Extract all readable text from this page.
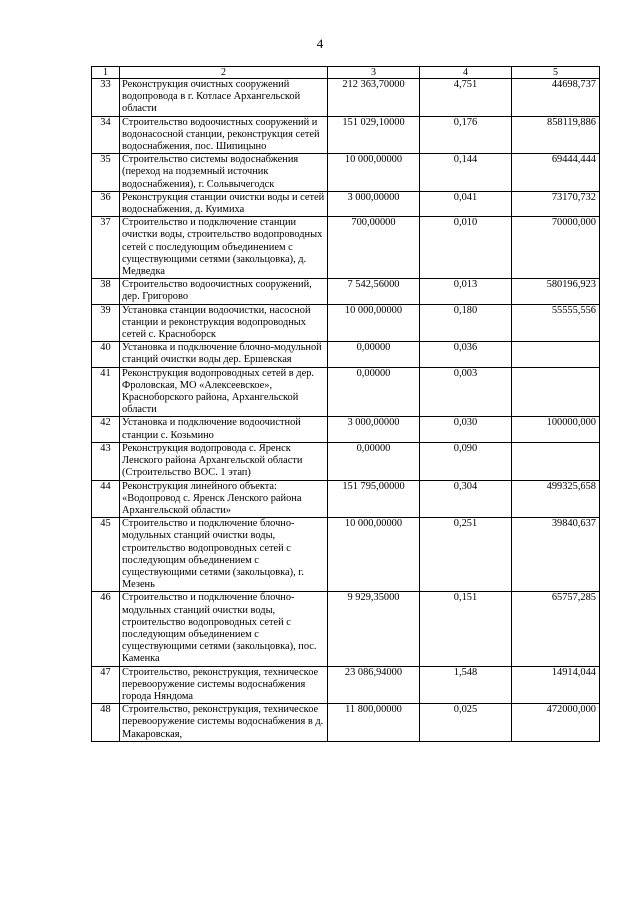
4
1	2	3	4	5
33	Реконструкция очистных сооружений водопровода в г. Котласе Архангельской области	212 363,70000	4,751	44698,737
34	Строительство водоочистных сооружений и водонасосной станции, реконструкция сетей водоснабжения, пос. Шипицыно	151 029,10000	0,176	858119,886
35	Строительство системы водоснабжения (переход на подземный источник водоснабжения), г. Сольвычегодск	10 000,00000	0,144	69444,444
36	Реконструкция станции очистки воды и сетей водоснабжения, д. Куимиха	3 000,00000	0,041	73170,732
37	Строительство и подключение станции очистки воды, строительство водопроводных сетей с последующим объединением с существующими сетями (закольцовка), д. Медведка	700,00000	0,010	70000,000
38	Строительство водоочистных сооружений, дер. Григорово	7 542,56000	0,013	580196,923
39	Установка станции водоочистки, насосной станции и реконструкция водопроводных сетей с. Красноборск	10 000,00000	0,180	55555,556
40	Установка и подключение блочно-модульной станций очистки воды дер. Ершевская	0,00000	0,036	
41	Реконструкция водопроводных сетей в дер. Фроловская, МО «Алексеевское», Красноборского района, Архангельской области	0,00000	0,003	
42	Установка и подключение водоочистной станции с. Козьмино	3 000,00000	0,030	100000,000
43	Реконструкция водопровода с. Яренск Ленского района Архангельской области (Строительство ВОС. 1 этап)	0,00000	0,090	
44	Реконструкция линейного объекта: «Водопровод с. Яренск Ленского района Архангельской области»	151 795,00000	0,304	499325,658
45	Строительство и подключение блочно-модульных станций очистки воды, строительство водопроводных сетей с последующим объединением с существующими сетями (закольцовка), г. Мезень	10 000,00000	0,251	39840,637
46	Строительство и подключение блочно-модульных станций очистки воды, строительство водопроводных сетей с последующим объединением с существующими сетями (закольцовка), пос. Каменка	9 929,35000	0,151	65757,285
47	Строительство, реконструкция, техническое перевооружение системы водоснабжения города Няндома	23 086,94000	1,548	14914,044
48	Строительство, реконструкция, техническое перевооружение системы водоснабжения в д. Макаровская,	11 800,00000	0,025	472000,000
